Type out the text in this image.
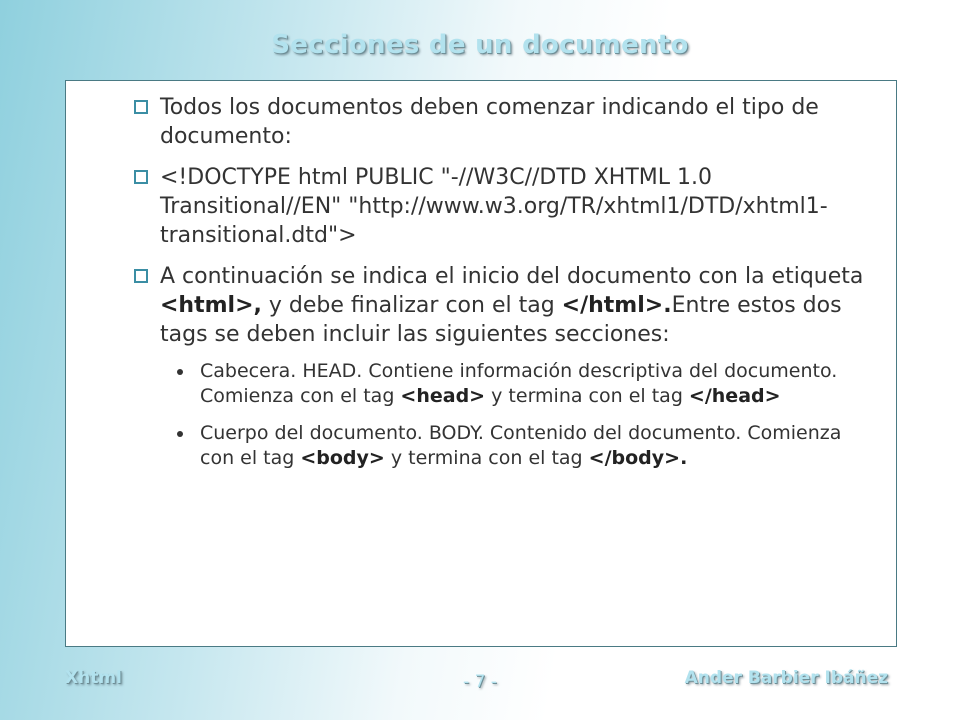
Secciones de un documento
Todos los documentos deben comenzar indicando el tipo de documento:
<!DOCTYPE html PUBLIC "-//W3C//DTD XHTML 1.0 Transitional//EN" "http://www.w3.org/TR/xhtml1/DTD/xhtml1-transitional.dtd">
A continuación se indica el inicio del documento con la etiqueta <html>, y debe finalizar con el tag </html>.Entre estos dos tags se deben incluir las siguientes secciones:
Cabecera. HEAD. Contiene información descriptiva del documento. Comienza con el tag <head> y termina con el tag </head>
Cuerpo del documento. BODY. Contenido del documento. Comienza con el tag <body> y termina con el tag </body>.
Xhtml	- 7 -	Ander Barbier Ibáñez
